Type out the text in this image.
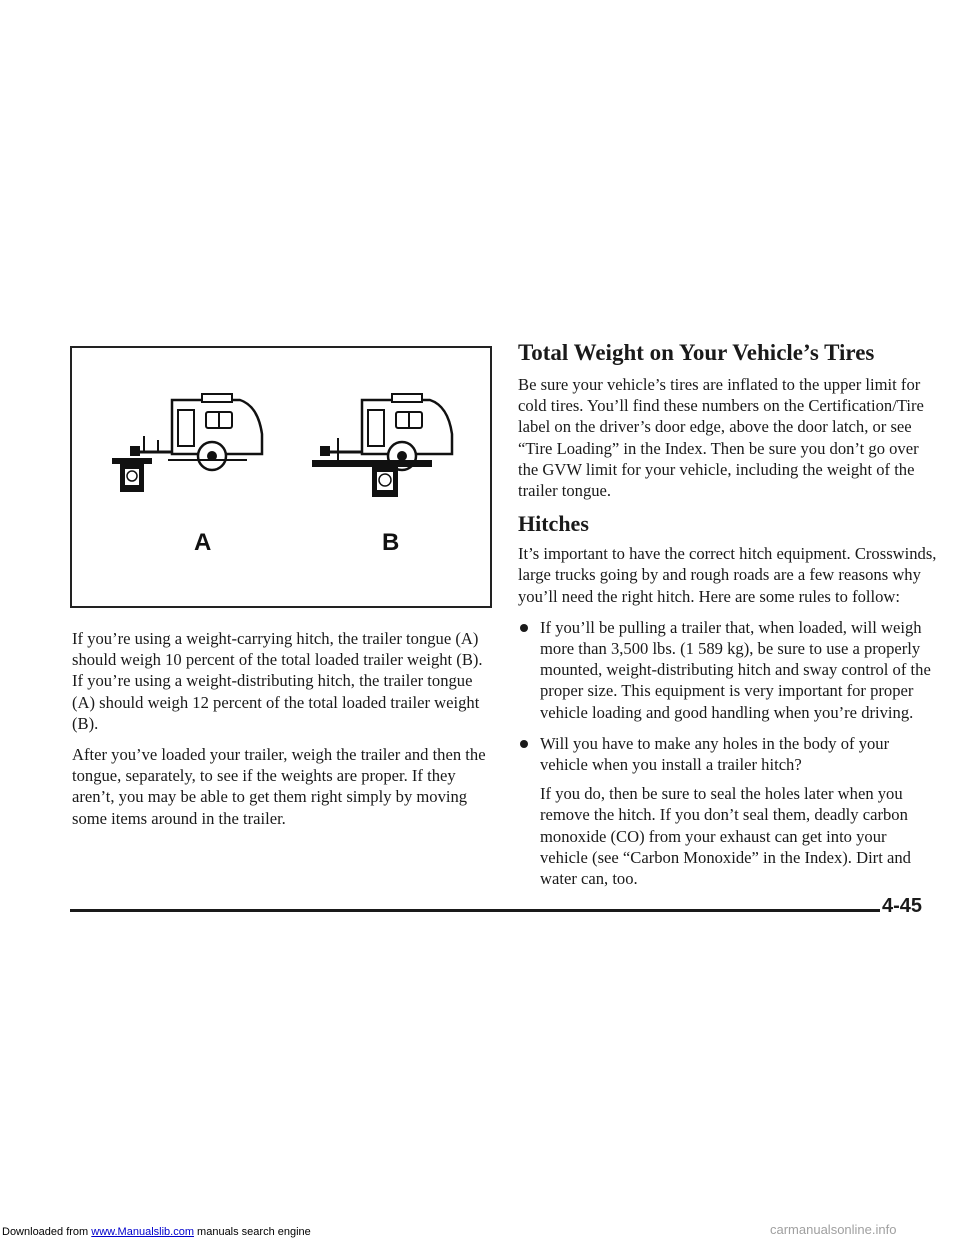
A	B

If you’re using a weight-carrying hitch, the trailer tongue (A) should weigh 10 percent of the total loaded trailer weight (B). If you’re using a weight-distributing hitch, the trailer tongue (A) should weigh 12 percent of the total loaded trailer weight (B).

After you’ve loaded your trailer, weigh the trailer and then the tongue, separately, to see if the weights are proper. If they aren’t, you may be able to get them right simply by moving some items around in the trailer.

Total Weight on Your Vehicle’s Tires

Be sure your vehicle’s tires are inflated to the upper limit for cold tires. You’ll find these numbers on the Certification/Tire label on the driver’s door edge, above the door latch, or see “Tire Loading” in the Index. Then be sure you don’t go over the GVW limit for your vehicle, including the weight of the trailer tongue.

Hitches

It’s important to have the correct hitch equipment. Crosswinds, large trucks going by and rough roads are a few reasons why you’ll need the right hitch. Here are some rules to follow:

If you’ll be pulling a trailer that, when loaded, will weigh more than 3,500 lbs. (1 589 kg), be sure to use a properly mounted, weight-distributing hitch and sway control of the proper size. This equipment is very important for proper vehicle loading and good handling when you’re driving.

Will you have to make any holes in the body of your vehicle when you install a trailer hitch?

If you do, then be sure to seal the holes later when you remove the hitch. If you don’t seal them, deadly carbon monoxide (CO) from your exhaust can get into your vehicle (see “Carbon Monoxide” in the Index). Dirt and water can, too.

4-45
Downloaded from www.Manualslib.com manuals search engine	carmanualsonline.info
